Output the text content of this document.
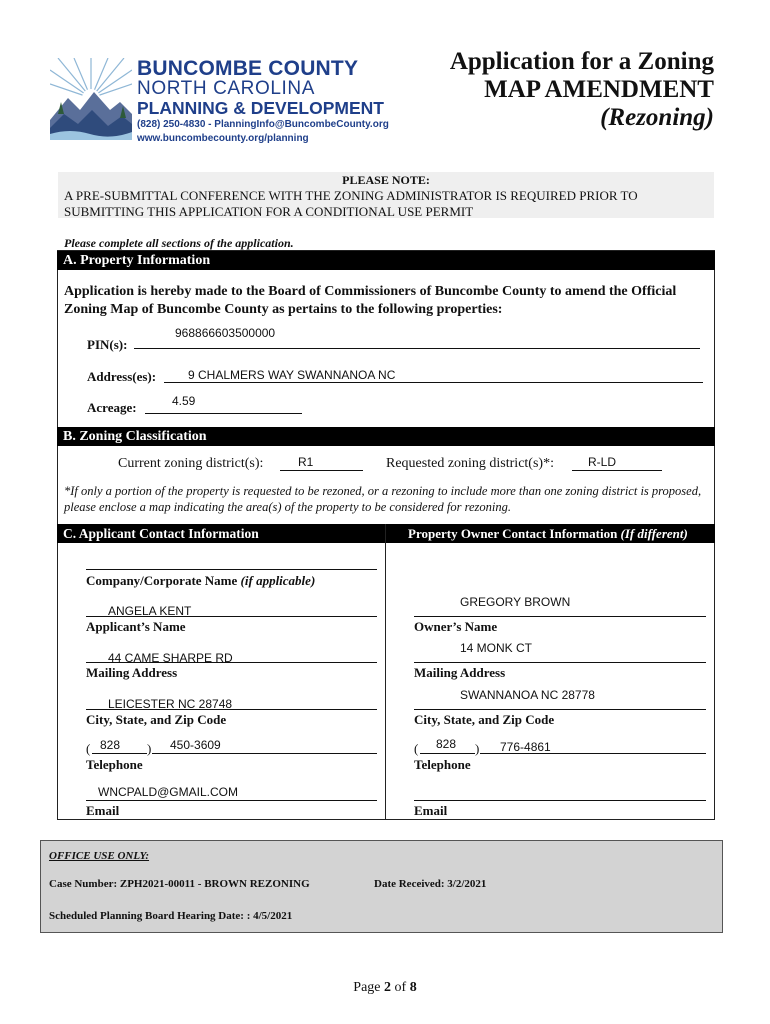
BUNCOMBE COUNTY
NORTH CAROLINA
PLANNING & DEVELOPMENT
(828) 250-4830 - PlanningInfo@BuncombeCounty.org
www.buncombecounty.org/planning
Application for a Zoning
MAP AMENDMENT
(Rezoning)
PLEASE NOTE:
A PRE-SUBMITTAL CONFERENCE WITH THE ZONING ADMINISTRATOR IS REQUIRED PRIOR TO
SUBMITTING THIS APPLICATION FOR A CONDITIONAL USE PERMIT
Please complete all sections of the application.
A. Property Information
Application is hereby made to the Board of Commissioners of Buncombe County to amend the Official Zoning Map of Buncombe County as pertains to the following properties:
PIN(s):
968866603500000
Address(es):	9 CHALMERS WAY SWANNANOA NC
Acreage:	4.59
B. Zoning Classification
Current zoning district(s):	R1	Requested zoning district(s)*:	R-LD
*If only a portion of the property is requested to be rezoned, or a rezoning to include more than one zoning district is proposed, please enclose a map indicating the area(s) of the property to be considered for rezoning.
C. Applicant Contact Information	Property Owner Contact Information (If different)
Company/Corporate Name (if applicable)
ANGELA KENT
Applicant’s Name
44 CAME SHARPE RD
Mailing Address
LEICESTER NC 28748
City, State, and Zip Code
( 828 ) 450-3609
Telephone
WNCPALD@GMAIL.COM
Email
GREGORY BROWN
Owner’s Name
14 MONK CT
Mailing Address
SWANNANOA NC 28778
City, State, and Zip Code
( 828 ) 776-4861
Telephone
Email
OFFICE USE ONLY:
Case Number: ZPH2021-00011 - BROWN REZONING	Date Received: 3/2/2021
Scheduled Planning Board Hearing Date: : 4/5/2021
Page 2 of 8
